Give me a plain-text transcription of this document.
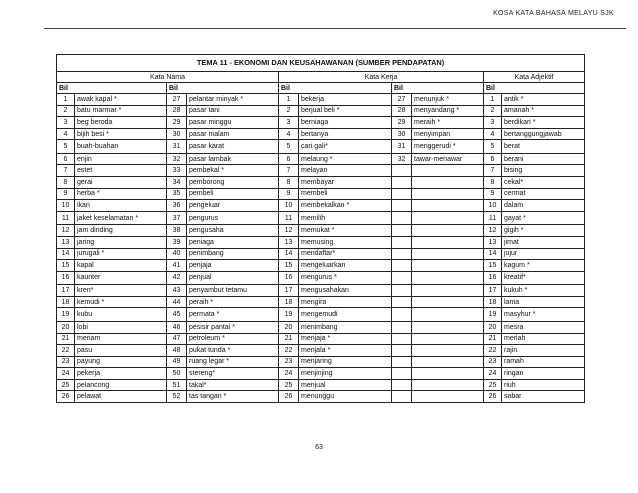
KOSA KATA BAHASA MELAYU SJK
TEMA 11 - EKONOMI DAN KEUSAHAWANAN (SUMBER PENDAPATAN)									
Kata Nama				Kata Kerja				Kata Adjektif	
Bil		Bil		Bil		Bil		Bil	
1	awak kapal *	27	pelantar minyak *	1	bekerja	27	menunjuk *	1	antik *
2	batu marmar *	28	pasar tani	2	berjual beli *	28	menyandang *	2	amanah *
3	beg beroda	29	pasar minggu	3	berniaga	29	meraih *	3	berdikari *
4	bijih besi *	30	pasar malam	4	bertanya	30	menyimpan	4	bertanggungjawab
5	buah-buahan	31	pasar karat	5	cari gali*	31	menggerudi *	5	berat
6	enjin	32	pasar lambak	6	melaung *	32	tawar-menawar	6	berani
7	estet	33	pembekal *	7	melayan			7	bising
8	gerai	34	pemborong	8	membayar			8	cekal*
9	herba *	35	pembeli	9	membeli			9	cermat
10	ikan	36	pengeluar	10	membekalkan *			10	dalam
11	jaket keselamatan *	37	pengurus	11	memilih			11	gayat *
12	jam dinding	38	pengusaha	12	memukat *			12	gigih *
13	jaring	39	peniaga	13	memusing			13	jimat
14	jurugali *	40	penimbang	14	mendaftar*			14	jujur
15	kapal	41	penjaja	15	mengeluarkan			15	kagum *
16	kaunter	42	penjual	16	mengurus *			16	kreatif*
17	kren*	43	penyambut tetamu	17	mengusahakan			17	kukuh *
18	kemudi *	44	peraih *	18	mengira			18	lama
19	kubu	45	permata *	19	mengemudi			19	masyhur *
20	lobi	46	pesisir pantai *	20	menimbang			20	mesra
21	meriam	47	petroleum *	21	menjaja *			21	meriah
22	pasu	48	pukat tunda *	22	menjala *			22	rajin
23	payung	49	ruang legar *	23	menjaring			23	ramah
24	pekerja	50	stereng*	24	menjinjing			24	ringan
25	pelancong	51	takal*	25	menjual			25	riuh
26	pelawat	52	tas tangan *	26	menunggu			26	sabar
63
